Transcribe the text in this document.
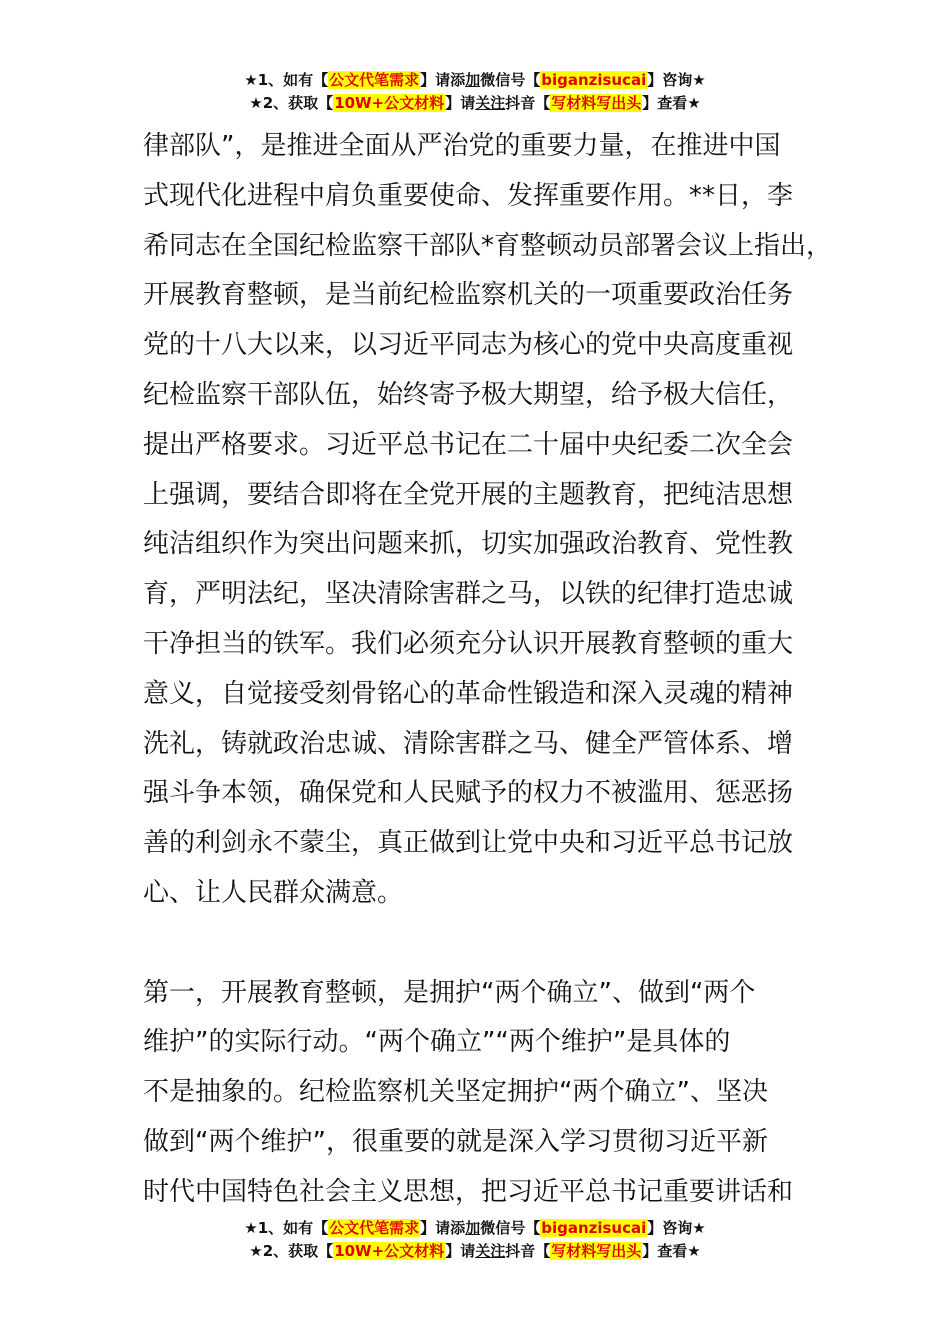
★1、如有【公文代笔需求】请添加微信号【biganzisucai】咨询★
★2、获取【10W+公文材料】请关注抖音【写材料写出头】查看★

律部队”，是推进全面从严治党的重要力量，在推进中国

式现代化进程中肩负重要使命、发挥重要作用。**日，李

希同志在全国纪检监察干部队*育整顿动员部署会议上指出，

开展教育整顿，是当前纪检监察机关的一项重要政治任务

党的十八大以来，以习近平同志为核心的党中央高度重视

纪检监察干部队伍，始终寄予极大期望，给予极大信任，

提出严格要求。习近平总书记在二十届中央纪委二次全会

上强调，要结合即将在全党开展的主题教育，把纯洁思想

纯洁组织作为突出问题来抓，切实加强政治教育、党性教

育，严明法纪，坚决清除害群之马，以铁的纪律打造忠诚

干净担当的铁军。我们必须充分认识开展教育整顿的重大

意义，自觉接受刻骨铭心的革命性锻造和深入灵魂的精神

洗礼，铸就政治忠诚、清除害群之马、健全严管体系、增

强斗争本领，确保党和人民赋予的权力不被滥用、惩恶扬

善的利剑永不蒙尘，真正做到让党中央和习近平总书记放

心、让人民群众满意。

第一，开展教育整顿，是拥护“两个确立”、做到“两个

维护”的实际行动。“两个确立”“两个维护”是具体的

不是抽象的。纪检监察机关坚定拥护“两个确立”、坚决

做到“两个维护”，很重要的就是深入学习贯彻习近平新

时代中国特色社会主义思想，把习近平总书记重要讲话和

★1、如有【公文代笔需求】请添加微信号【biganzisucai】咨询★
★2、获取【10W+公文材料】请关注抖音【写材料写出头】查看★
